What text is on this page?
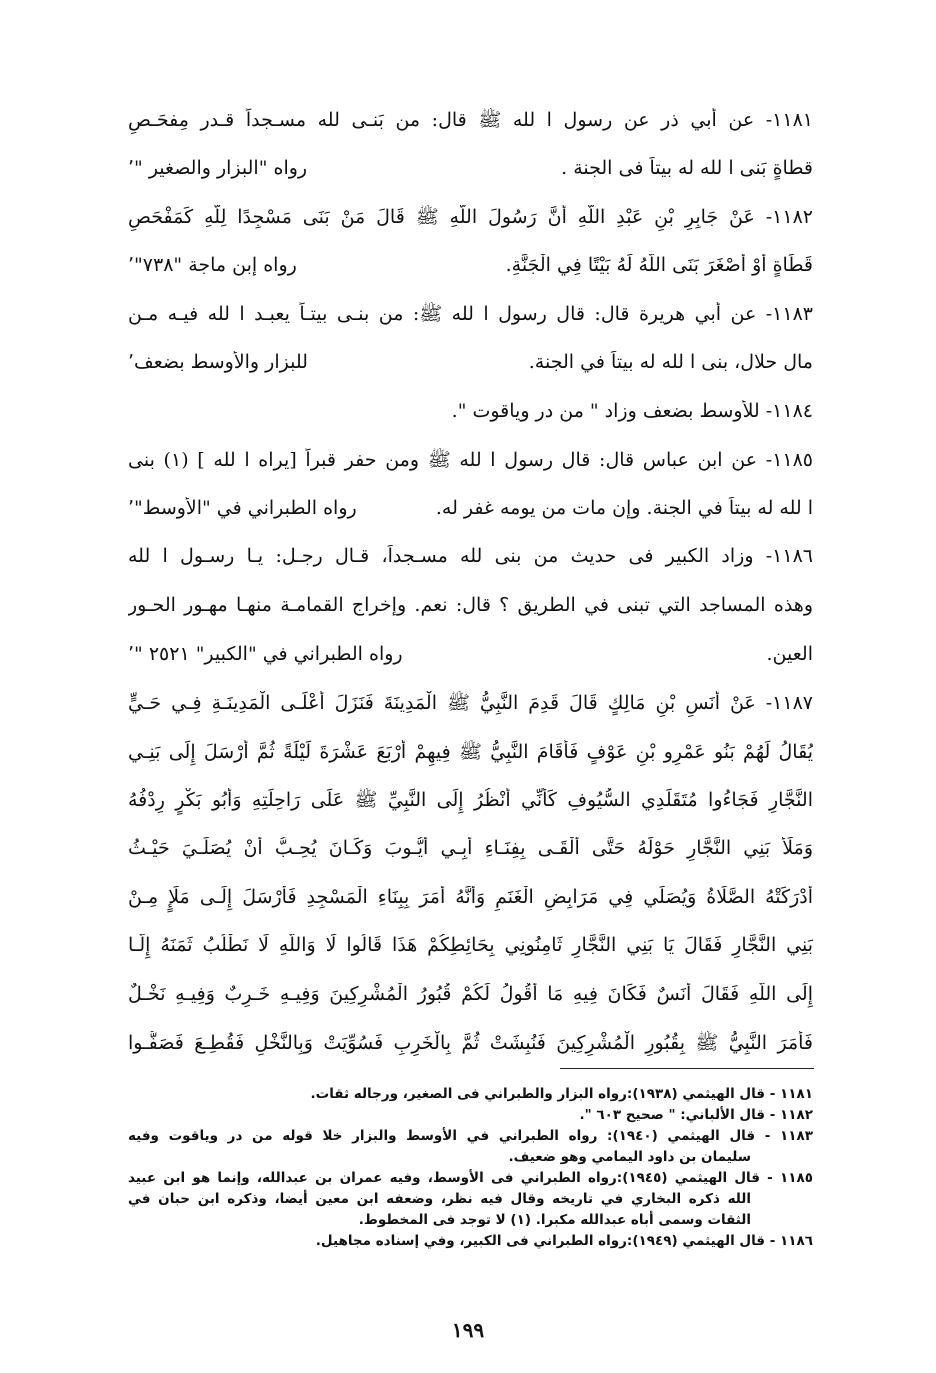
١١٨١- عن أبي ذر عن رسول ا لله ﷺ قال: من بَنـى لله مسـجداً قـدر مِفحَـصِ
قطاةٍ بَنى ا لله له بيتاً فى الجنة .
رواه "البزار والصغير "٬
١١٨٢- عَنْ جَابِرِ بْنِ عَبْدِ اللَّهِ أَنَّ رَسُولَ اللَّهِ ﷺ قَالَ مَنْ بَنَى مَسْجِدًا لِلَّهِ كَمَفْحَصِ
قَطَاةٍ أَوْ أَصْغَرَ بَنَى اللَّهُ لَهُ بَيْتًا فِي الْجَنَّةِ.
رواه إبن ماجة "٧٣٨"٬
١١٨٣- عن أبي هريرة قال: قال رسول ا لله ﷺ: من بنـى بيتـاً يعبـد ا لله فيـه مـن
مال حلال، بنى ا لله له بيتاً في الجنة.
للبزار والأوسط بضعف٬
١١٨٤- للأوسط بضعف وزاد " من در وياقوت ".
١١٨٥- عن ابن عباس قال: قال رسول ا لله ﷺ ومن حفر قبراً [يراه ا لله ] (١) بنى
ا لله له بيتاً في الجنة. وإن مات من يومه غفر له.
رواه الطبراني في "الأوسط"٬
١١٨٦- وزاد الكبير فى حديث من بنى لله مسـجداً، قـال رجـل: يـا رسـول ا لله
وهذه المساجد التي تبنى في الطريق ؟ قال: نعم. وإخراج القمامـة منهـا مهـور الحـور
العين.
رواه الطبراني في "الكبير" ٢٥٢١ "٬
١١٨٧- عَنْ أَنَسِ بْنِ مَالِكٍ قَالَ قَدِمَ النَّبِيُّ ﷺ الْمَدِينَةَ فَنَزَلَ أَعْلَـى الْمَدِينَـةِ فِـي حَـيٍّ
يُقَالُ لَهُمْ بَنُو عَمْرِو بْنِ عَوْفٍ فَأَقَامَ النَّبِيُّ ﷺ فِيهِمْ أَرْبَعَ عَشْرَةَ لَيْلَةً ثُمَّ أَرْسَلَ إِلَى بَنِـي
النَّجَّارِ فَجَاءُوا مُتَقَلِّدِي السُّيُوفِ كَأَنِّي أَنْظُرُ إِلَى النَّبِيِّ ﷺ عَلَى رَاحِلَتِهِ وَأَبُو بَكْرٍ رِدْفُهُ
وَمَلَأُ بَنِي النَّجَّارِ حَوْلَهُ حَتَّى أَلْقَـى بِفِنَـاءِ أَبِـي أَيُّـوبَ وَكَـانَ يُحِـبُّ أَنْ يُصَلِّـيَ حَيْـثُ
أَدْرَكَتْهُ الصَّلَاةُ وَيُصَلِّي فِي مَرَابِضِ الْغَنَمِ وَأَنَّهُ أَمَرَ بِبِنَاءِ الْمَسْجِدِ فَأَرْسَلَ إِلَـى مَلَإٍ مِـنْ
بَنِي النَّجَّارِ فَقَالَ يَا بَنِي النَّجَّارِ ثَامِنُونِي بِحَائِطِكُمْ هَذَا قَالُوا لَا وَاللَّهِ لَا نَطْلُبُ ثَمَنَهُ إِلَّـا
إِلَى اللَّهِ فَقَالَ أَنَسٌ فَكَانَ فِيهِ مَا أَقُولُ لَكُمْ قُبُورُ الْمُشْرِكِينَ وَفِيـهِ خَـرِبٌ وَفِيـهِ نَخْـلٌ
فَأَمَرَ النَّبِيُّ ﷺ بِقُبُورِ الْمُشْرِكِينَ فَنُبِشَتْ ثُمَّ بِالْخَرِبِ فَسُوِّيَتْ وَبِالنَّخْلِ فَقُطِـعَ فَصَفُّـوا
١١٨١ - قال الهيثمي (١٩٣٨):رواه البزار والطبراني فى الصغير، ورجاله ثقات.
١١٨٢ - قال الألباني: " صحيح ٦٠٣ ".
١١٨٣ - قال الهيثمي (١٩٤٠): رواه الطبراني في الأوسط والبزار خلا قوله من در وياقوت وفيه
سليمان بن داود اليمامي وهو ضعيف.
١١٨٥ - قال الهيثمي (١٩٤٥):رواه الطبراني فى الأوسط، وفيه عمران بن عبدالله، وإنما هو ابن عبيد
الله ذكره البخاري في تاريخه وقال فيه نظر، وضعفه ابن معين أيضا، وذكره ابن حبان في
الثقات وسمى أباه عبدالله مكبرا. (١) لا توجد فى المخطوط.
١١٨٦ - قال الهيثمي (١٩٤٩):رواه الطبراني فى الكبير، وفي إسناده مجاهيل.
١٩٩
